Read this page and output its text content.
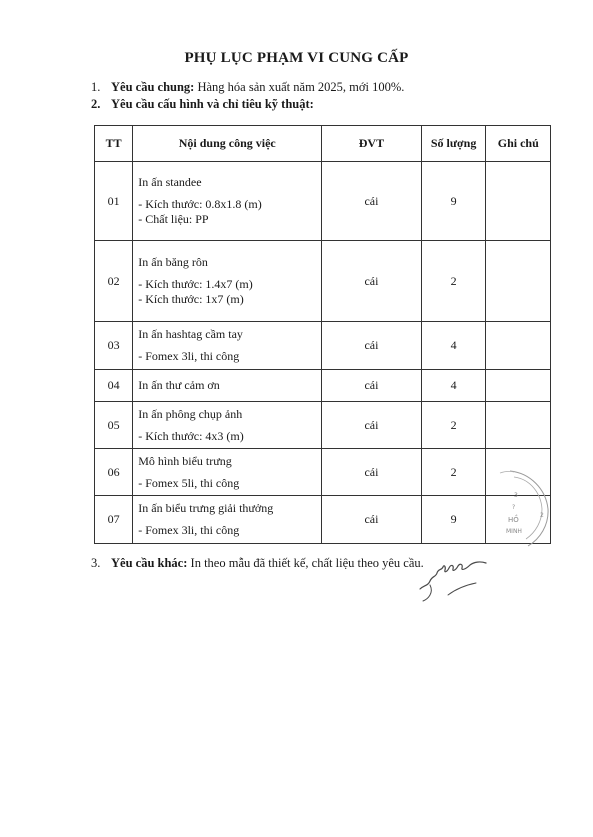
PHỤ LỤC PHẠM VI CUNG CẤP
1. Yêu cầu chung: Hàng hóa sản xuất năm 2025, mới 100%.
2. Yêu cầu cấu hình và chỉ tiêu kỹ thuật:
TT	Nội dung công việc	ĐVT	Số lượng	Ghi chú
01	In ấn standee
- Kích thước: 0.8x1.8 (m)
- Chất liệu: PP	cái	9	
02	In ấn băng rôn
- Kích thước: 1.4x7 (m)
- Kích thước: 1x7 (m)	cái	2	
03	In ấn hashtag cầm tay
- Fomex 3li, thi công	cái	4	
04	In ấn thư cảm ơn	cái	4	
05	In ấn phông chụp ảnh
- Kích thước: 4x3 (m)	cái	2	
06	Mô hình biểu trưng
- Fomex 5li, thi công	cái	2	
07	In ấn biểu trưng giải thưởng
- Fomex 3li, thi công	cái	9	
3. Yêu cầu khác: In theo mẫu đã thiết kế, chất liệu theo yêu cầu.
3
?
HỒ
MINH
2
